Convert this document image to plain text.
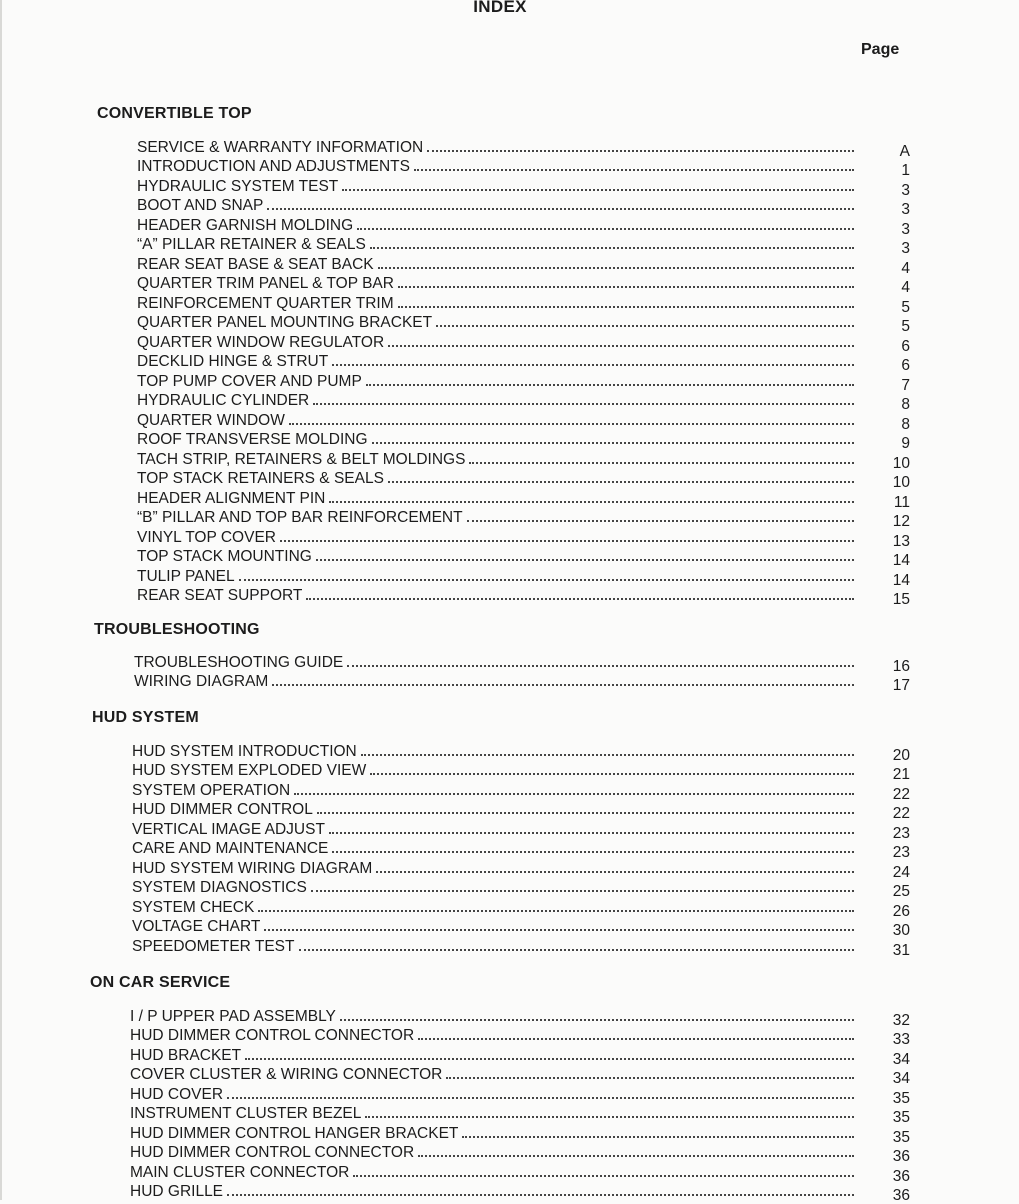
INDEX
Page
CONVERTIBLE TOP
SERVICE & WARRANTY INFORMATION	A
INTRODUCTION AND ADJUSTMENTS	1
HYDRAULIC SYSTEM TEST	3
BOOT AND SNAP	3
HEADER GARNISH MOLDING	3
“A” PILLAR RETAINER & SEALS	3
REAR SEAT BASE & SEAT BACK	4
QUARTER TRIM PANEL & TOP BAR	4
REINFORCEMENT QUARTER TRIM	5
QUARTER PANEL MOUNTING BRACKET	5
QUARTER WINDOW REGULATOR	6
DECKLID HINGE & STRUT	6
TOP PUMP COVER AND PUMP	7
HYDRAULIC CYLINDER	8
QUARTER WINDOW	8
ROOF TRANSVERSE MOLDING	9
TACH STRIP, RETAINERS & BELT MOLDINGS	10
TOP STACK RETAINERS & SEALS	10
HEADER ALIGNMENT PIN	11
“B” PILLAR AND TOP BAR REINFORCEMENT	12
VINYL TOP COVER	13
TOP STACK MOUNTING	14
TULIP PANEL	14
REAR SEAT SUPPORT	15
TROUBLESHOOTING
TROUBLESHOOTING GUIDE	16
WIRING DIAGRAM	17
HUD SYSTEM
HUD SYSTEM INTRODUCTION	20
HUD SYSTEM EXPLODED VIEW	21
SYSTEM OPERATION	22
HUD DIMMER CONTROL	22
VERTICAL IMAGE ADJUST	23
CARE AND MAINTENANCE	23
HUD SYSTEM WIRING DIAGRAM	24
SYSTEM DIAGNOSTICS	25
SYSTEM CHECK	26
VOLTAGE CHART	30
SPEEDOMETER TEST	31
ON CAR SERVICE
I / P UPPER PAD ASSEMBLY	32
HUD DIMMER CONTROL CONNECTOR	33
HUD BRACKET	34
COVER CLUSTER & WIRING CONNECTOR	34
HUD COVER	35
INSTRUMENT CLUSTER BEZEL	35
HUD DIMMER CONTROL HANGER BRACKET	35
HUD DIMMER CONTROL CONNECTOR	36
MAIN CLUSTER CONNECTOR	36
HUD GRILLE	36
